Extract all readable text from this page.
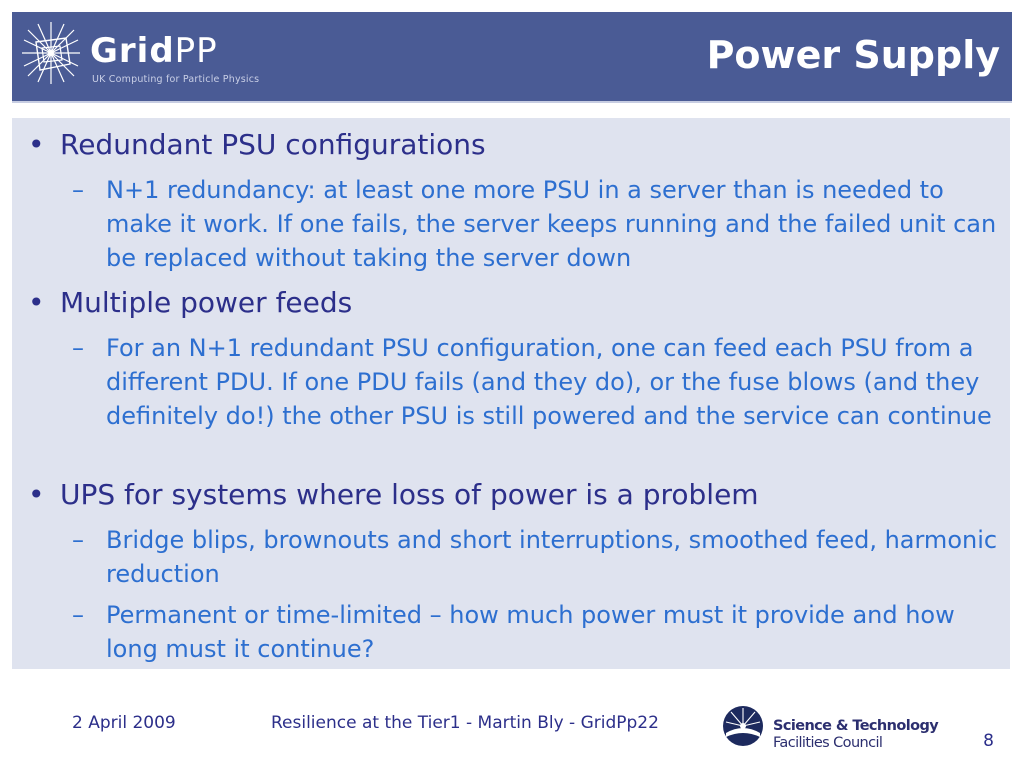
GridPP
UK Computing for Particle Physics
Power Supply
• Redundant PSU configurations
– N+1 redundancy: at least one more PSU in a server than is needed to make it work. If one fails, the server keeps running and the failed unit can be replaced without taking the server down
• Multiple power feeds
– For an N+1 redundant PSU configuration, one can feed each PSU from a different PDU. If one PDU fails (and they do), or the fuse blows (and they definitely do!) the other PSU is still powered and the service can continue
• UPS for systems where loss of power is a problem
– Bridge blips, brownouts and short interruptions, smoothed feed, harmonic reduction
– Permanent or time-limited – how much power must it provide and how long must it continue?
2 April 2009	Resilience at the Tier1 - Martin Bly - GridPp22	Science & Technology
Facilities Council	8
